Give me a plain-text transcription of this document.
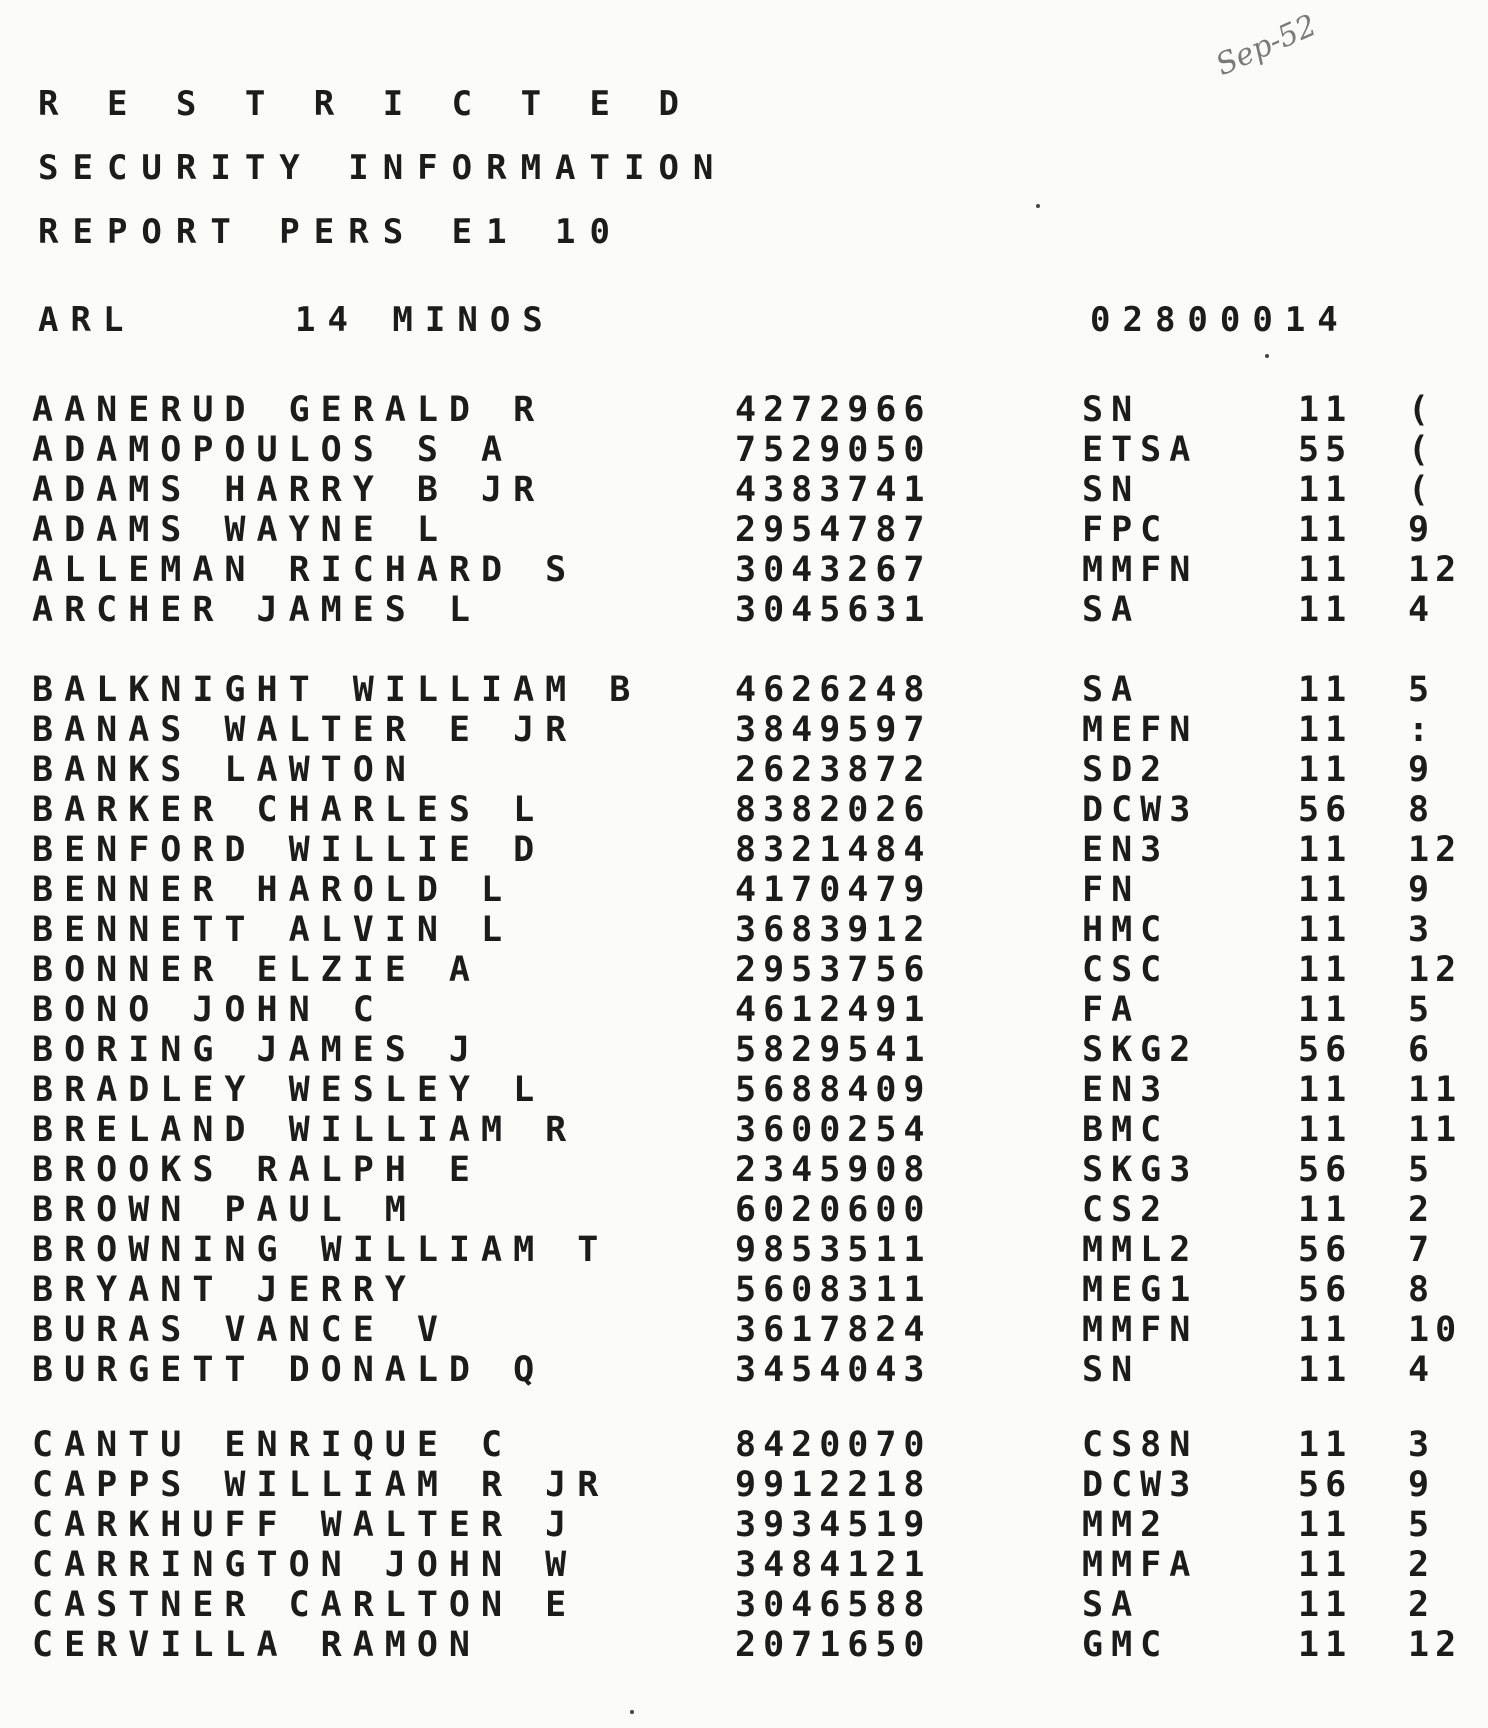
R E S T R I C T E D
SECURITY INFORMATION
REPORT PERS E1 10
Sep-52
ARL	14 MINOS	02800014
AANERUD GERALD R	4272966	SN	11	(
ADAMOPOULOS S A	7529050	ETSA	55	(
ADAMS HARRY B JR	4383741	SN	11	(
ADAMS WAYNE L	2954787	FPC	11	9
ALLEMAN RICHARD S	3043267	MMFN	11	12
ARCHER JAMES L	3045631	SA	11	4
BALKNIGHT WILLIAM B	4626248	SA	11	5
BANAS WALTER E JR	3849597	MEFN	11	:
BANKS LAWTON	2623872	SD2	11	9
BARKER CHARLES L	8382026	DCW3	56	8
BENFORD WILLIE D	8321484	EN3	11	12
BENNER HAROLD L	4170479	FN	11	9
BENNETT ALVIN L	3683912	HMC	11	3
BONNER ELZIE A	2953756	CSC	11	12
BONO JOHN C	4612491	FA	11	5
BORING JAMES J	5829541	SKG2	56	6
BRADLEY WESLEY L	5688409	EN3	11	11
BRELAND WILLIAM R	3600254	BMC	11	11
BROOKS RALPH E	2345908	SKG3	56	5
BROWN PAUL M	6020600	CS2	11	2
BROWNING WILLIAM T	9853511	MML2	56	7
BRYANT JERRY	5608311	MEG1	56	8
BURAS VANCE V	3617824	MMFN	11	10
BURGETT DONALD Q	3454043	SN	11	4
CANTU ENRIQUE C	8420070	CS8N	11	3
CAPPS WILLIAM R JR	9912218	DCW3	56	9
CARKHUFF WALTER J	3934519	MM2	11	5
CARRINGTON JOHN W	3484121	MMFA	11	2
CASTNER CARLTON E	3046588	SA	11	2
CERVILLA RAMON	2071650	GMC	11	12
